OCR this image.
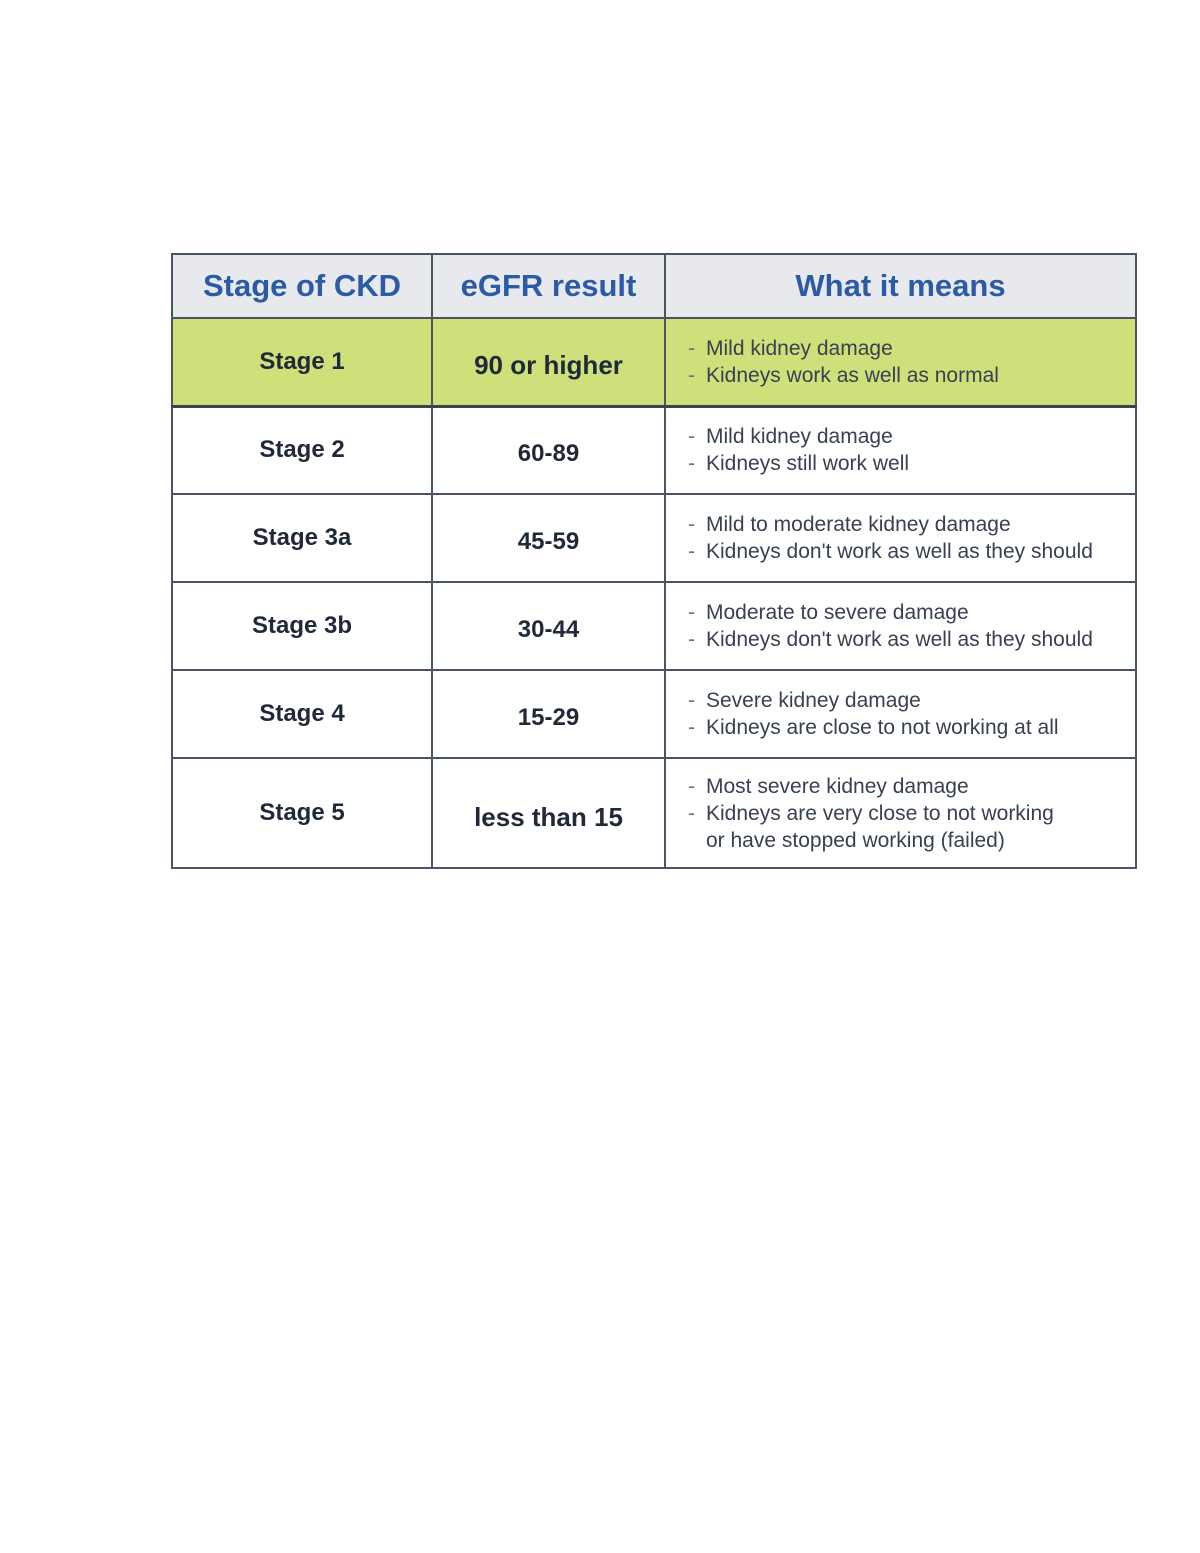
Stage of CKD	eGFR result	What it means
Stage 1	90 or higher	- Mild kidney damage
- Kidneys work as well as normal

Stage 2	60-89	- Mild kidney damage
- Kidneys still work well

Stage 3a	45-59	- Mild to moderate kidney damage
- Kidneys don't work as well as they should

Stage 3b	30-44	- Moderate to severe damage
- Kidneys don't work as well as they should

Stage 4	15-29	- Severe kidney damage
- Kidneys are close to not working at all

Stage 5	less than 15	- Most severe kidney damage
- Kidneys are very close to not working
or have stopped working (failed)
